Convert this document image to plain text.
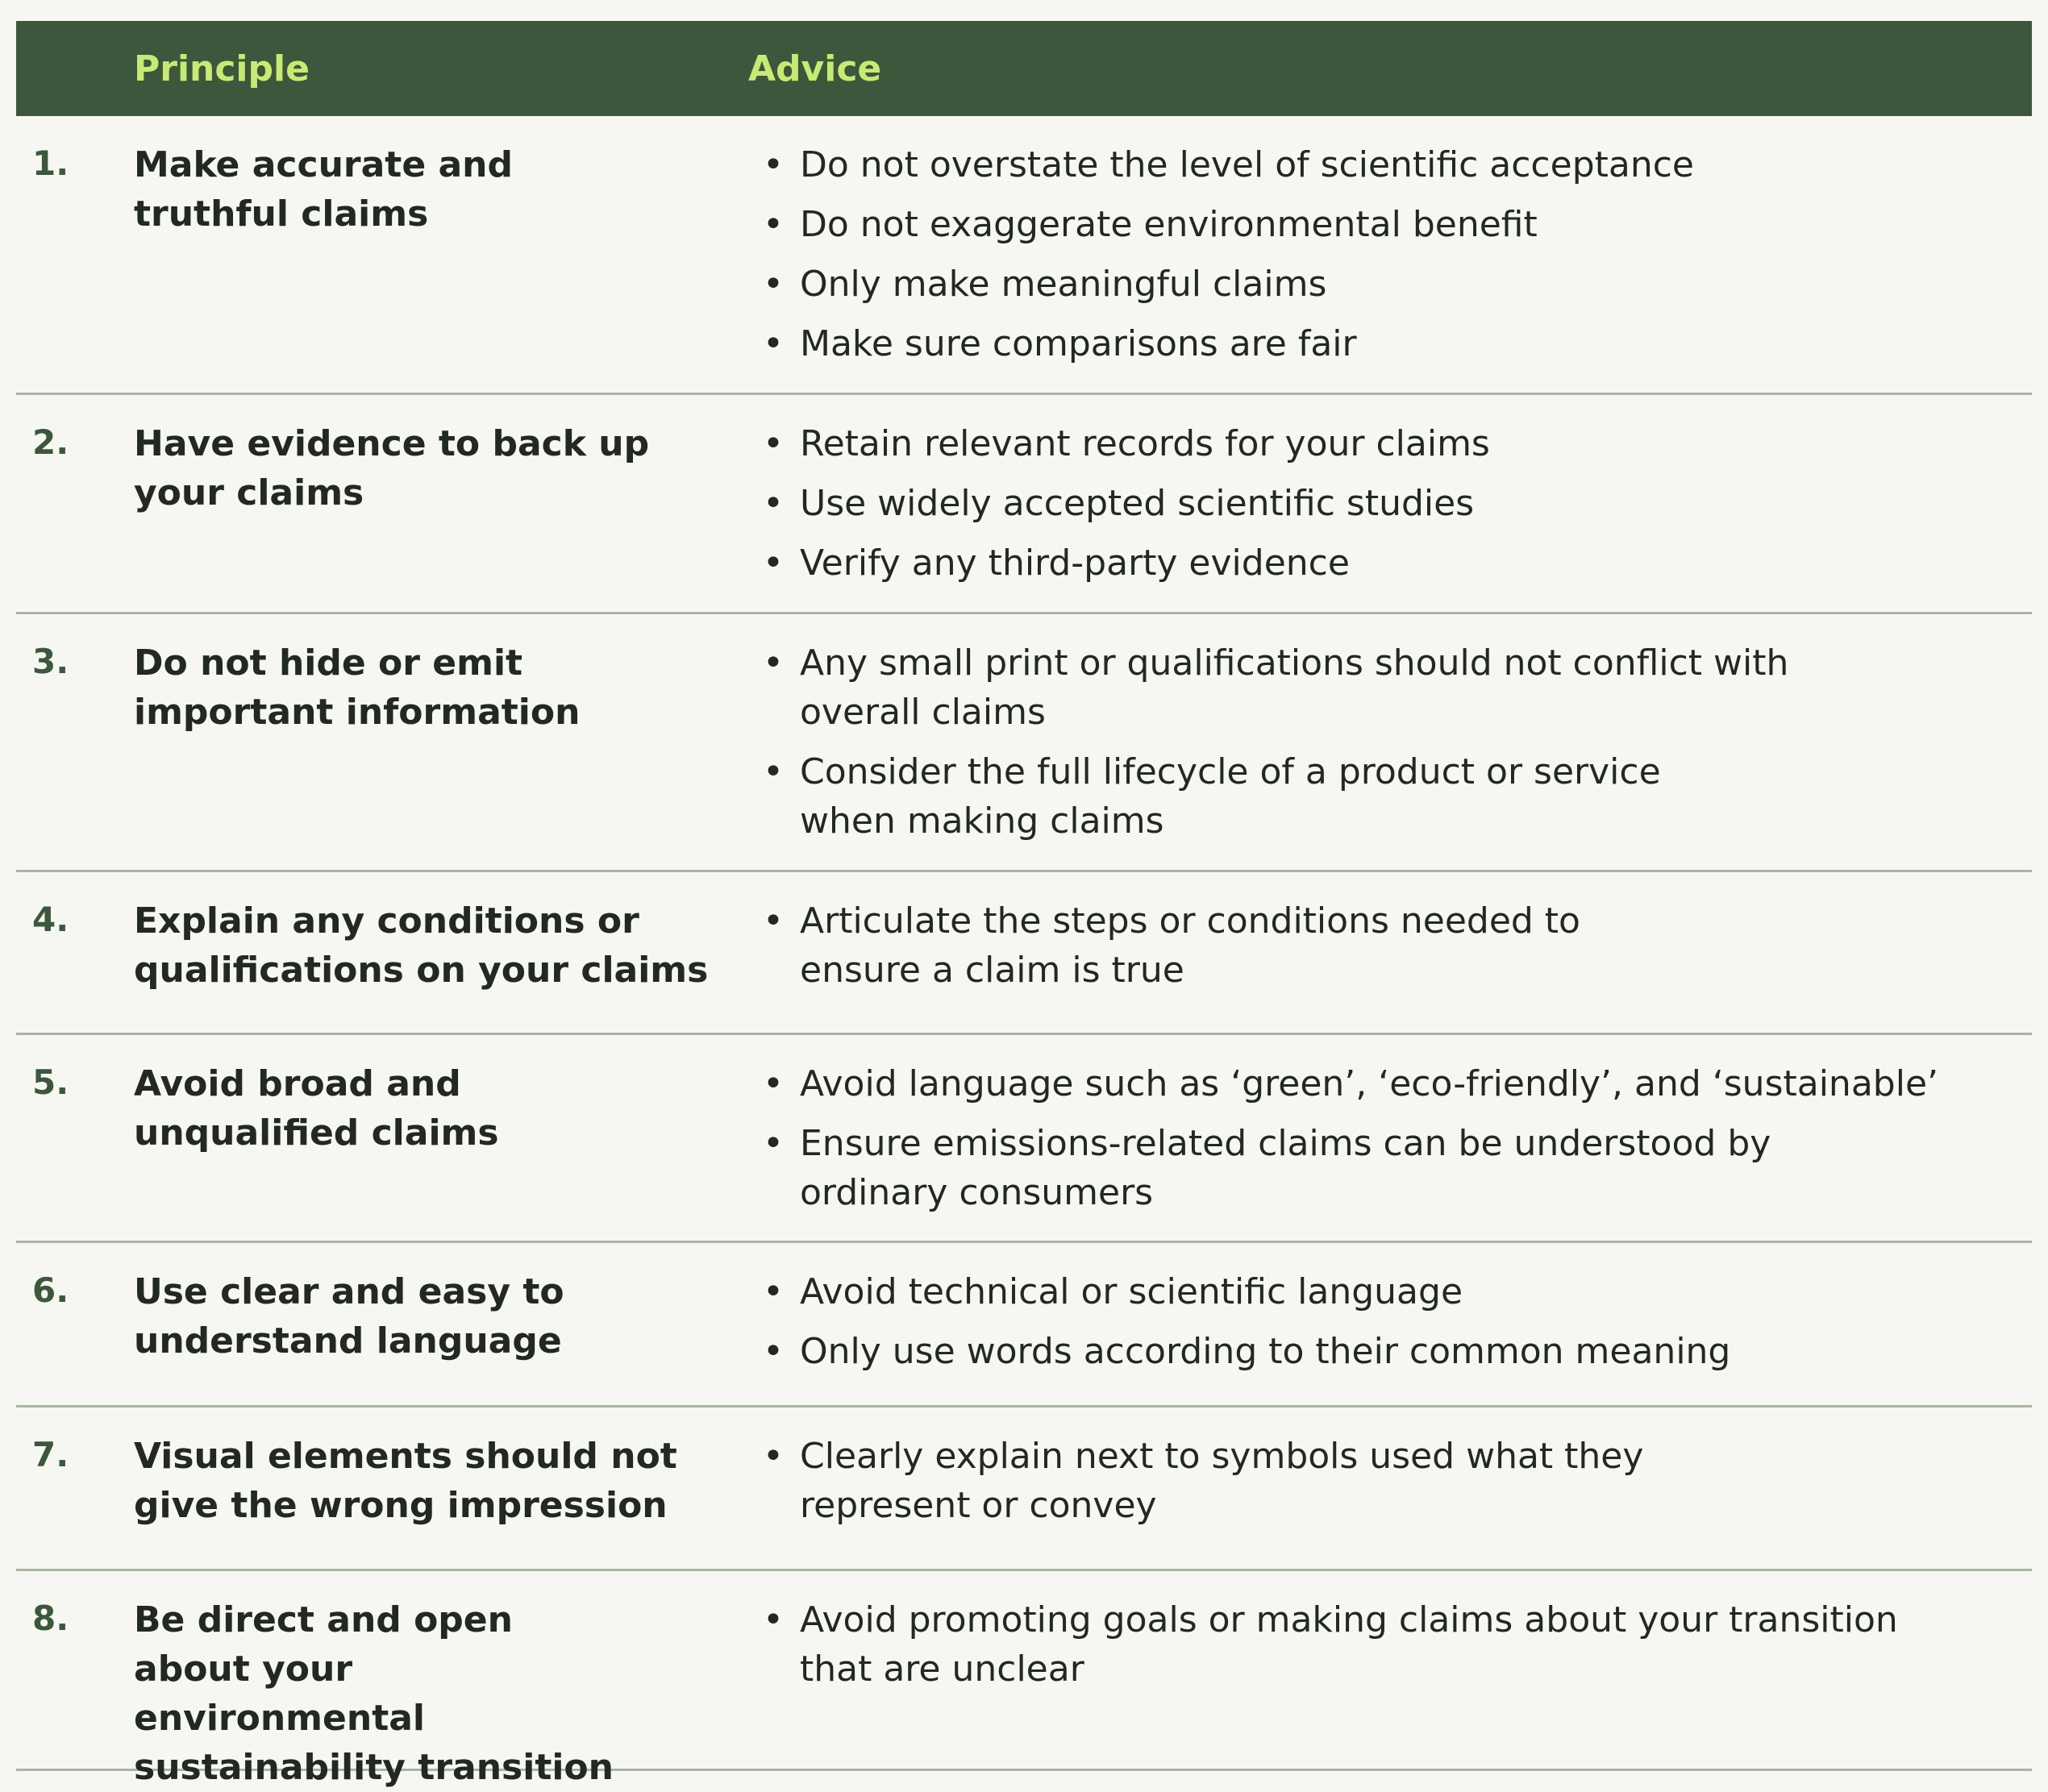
Principle	Advice
1. Make accurate and truthful claims
• Do not overstate the level of scientific acceptance
• Do not exaggerate environmental benefit
• Only make meaningful claims
• Make sure comparisons are fair
2. Have evidence to back up your claims
• Retain relevant records for your claims
• Use widely accepted scientific studies
• Verify any third-party evidence
3. Do not hide or emit important information
• Any small print or qualifications should not conflict with overall claims
• Consider the full lifecycle of a product or service when making claims
4. Explain any conditions or qualifications on your claims
• Articulate the steps or conditions needed to ensure a claim is true
5. Avoid broad and unqualified claims
• Avoid language such as ‘green’, ‘eco-friendly’, and ‘sustainable’
• Ensure emissions-related claims can be understood by ordinary consumers
6. Use clear and easy to understand language
• Avoid technical or scientific language
• Only use words according to their common meaning
7. Visual elements should not give the wrong impression
• Clearly explain next to symbols used what they represent or convey
8. Be direct and open about your environmental sustainability transition
• Avoid promoting goals or making claims about your transition that are unclear
